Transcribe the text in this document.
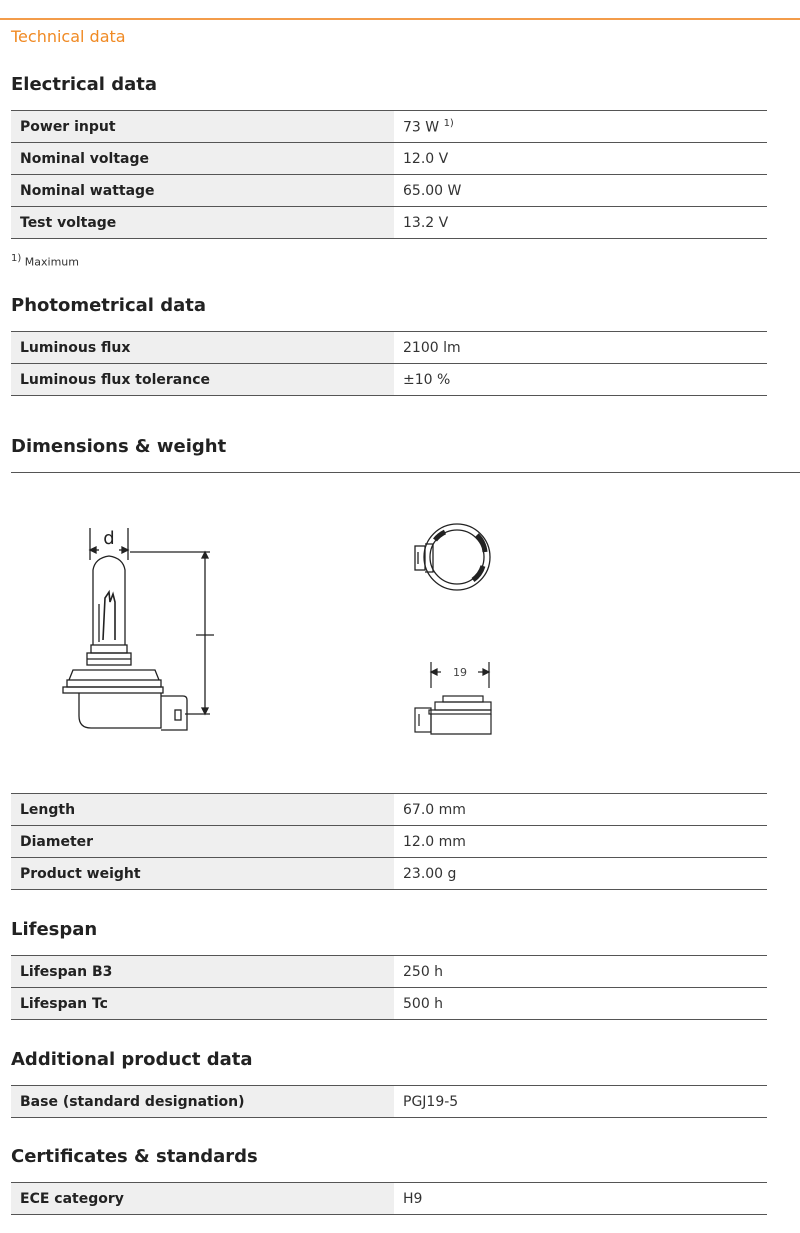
Technical data
Electrical data
Power input	73 W $^{1)}$
Nominal voltage	12.0 V
Nominal wattage	65.00 W
Test voltage	13.2 V
$^{1)}$ Maximum
Photometrical data
Luminous flux	2100 lm
Luminous flux tolerance	±10 %
Dimensions & weight
d
19
Length	67.0 mm
Diameter	12.0 mm
Product weight	23.00 g
Lifespan
Lifespan B3	250 h
Lifespan Tc	500 h
Additional product data
Base (standard designation)	PGJ19-5
Certificates & standards
ECE category	H9
